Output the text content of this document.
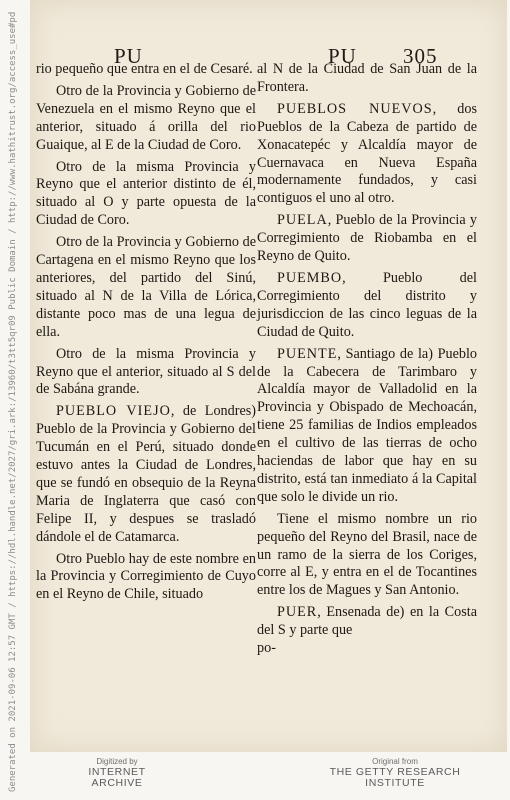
PU	PU 305

rio pequeño que entra en el de Cesaré.

Otro de la Provincia y Gobierno de Venezuela en el mismo Reyno que el anterior, situado á orilla del rio Guaique, al E de la Ciudad de Coro.

Otro de la misma Provincia y Reyno que el anterior distinto de él, situado al O y parte opuesta de la Ciudad de Coro.

Otro de la Provincia y Gobierno de Cartagena en el mismo Reyno que los anteriores, del partido del Sinú, situado al N de la Villa de Lórica, distante poco mas de una legua de ella.

Otro de la misma Provincia y Reyno que el anterior, situado al S del de Sabána grande.

PUEBLO VIEJO, de Londres) Pueblo de la Provincia y Gobierno del Tucumán en el Perú, situado donde estuvo antes la Ciudad de Londres, que se fundó en obsequio de la Reyna Maria de Inglaterra que casó con Felipe II, y despues se trasladó dándole el de Catamarca.

Otro Pueblo hay de este nombre en la Provincia y Corregimiento de Cuyo en el Reyno de Chile, situado

al N de la Ciudad de San Juan de la Frontera.

PUEBLOS NUEVOS, dos Pueblos de la Cabeza de partido de Xonacatepéc y Alcaldía mayor de Cuernavaca en Nueva España modernamente fundados, y casi contiguos el uno al otro.

PUELA, Pueblo de la Provincia y Corregimiento de Riobamba en el Reyno de Quito.

PUEMBO, Pueblo del Corregimiento del distrito y jurisdiccion de las cinco leguas de la Ciudad de Quito.

PUENTE, Santiago de la) Pueblo de la Cabecera de Tarimbaro y Alcaldía mayor de Valladolid en la Provincia y Obispado de Mechoacán, tiene 25 familias de Indios empleados en el cultivo de las tierras de ocho haciendas de labor que hay en su distrito, está tan inmediato á la Capital que solo le divide un rio.

Tiene el mismo nombre un rio pequeño del Reyno del Brasil, nace de un ramo de la sierra de los Coriges, corre al E, y entra en el de Tocantines entre los de Magues y San Antonio.

PUER, Ensenada de) en la Costa del S y parte que

po-

Generated on 2021-09-06 12:57 GMT / https://hdl.handle.net/2027/gri.ark:/13960/t3tt5qr09 Public Domain / http://www.hathitrust.org/access_use#pd	Digitized by
INTERNET ARCHIVE
Original from
THE GETTY RESEARCH INSTITUTE
